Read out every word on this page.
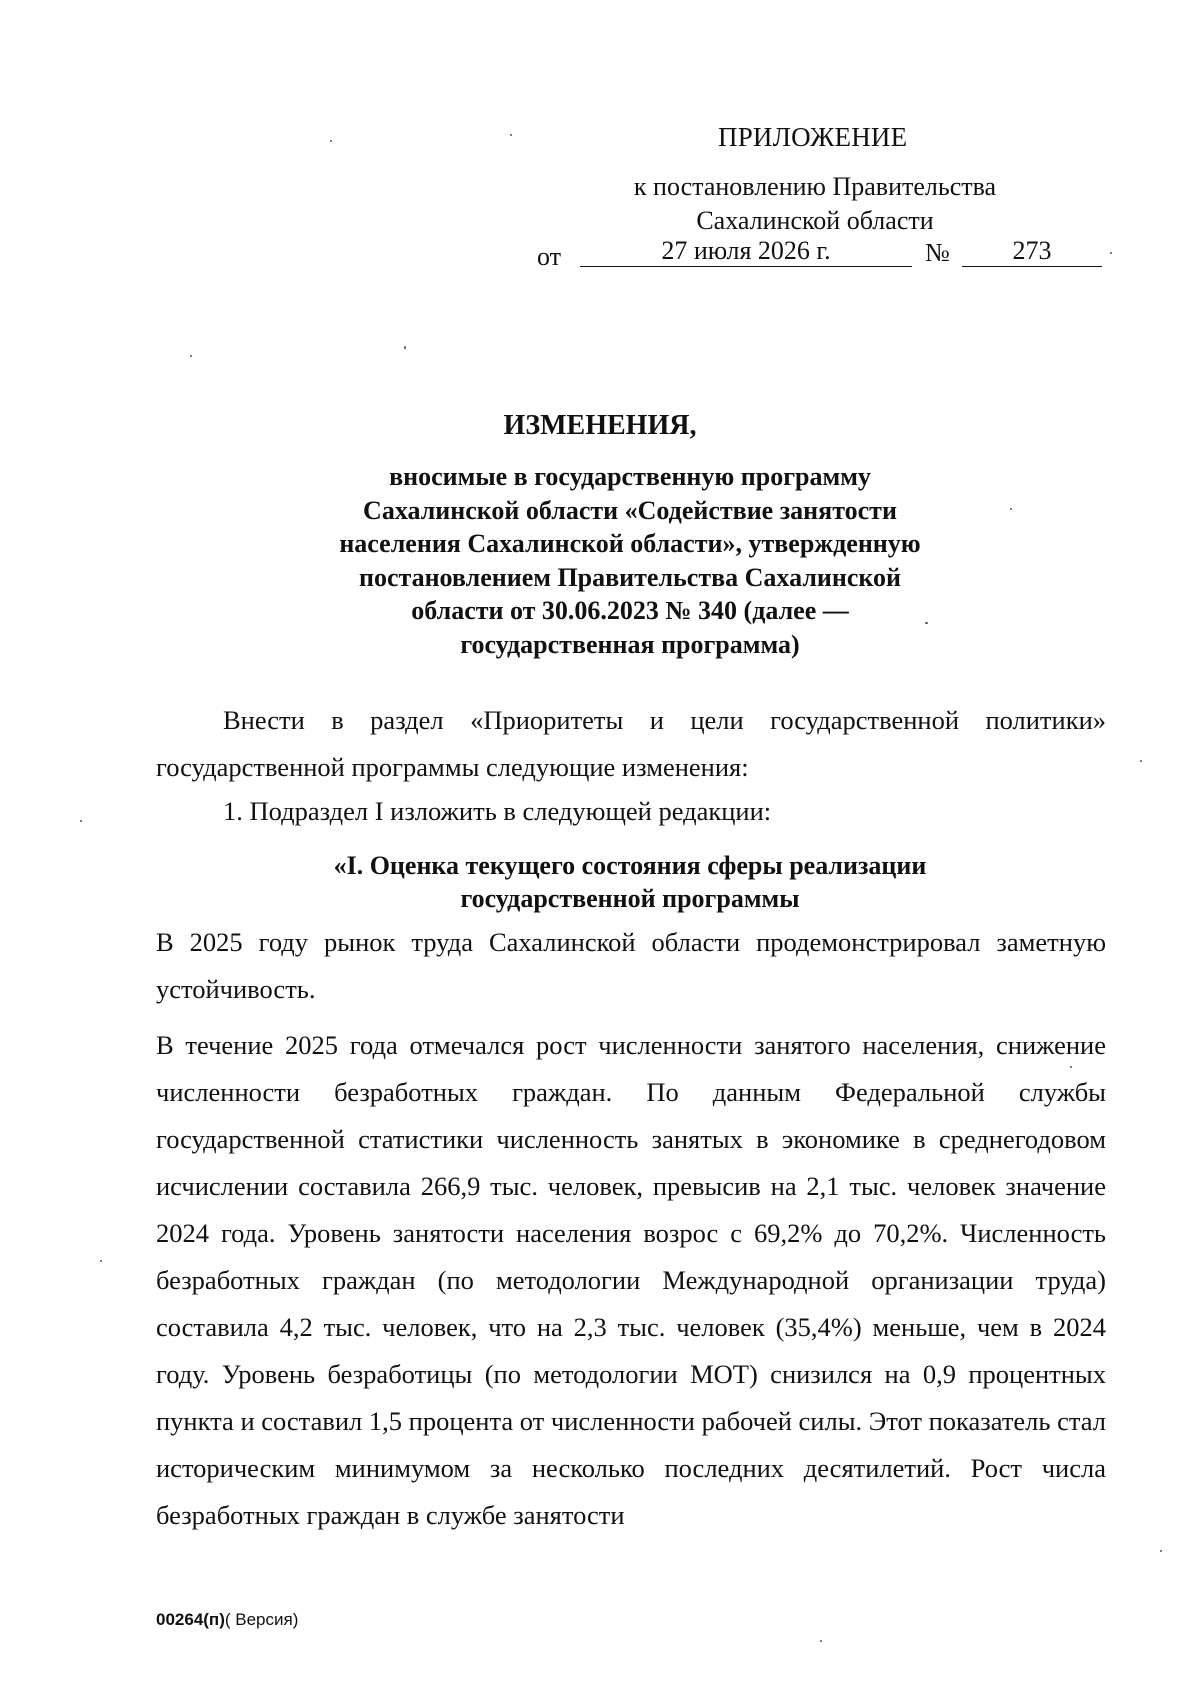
ПРИЛОЖЕНИЕ
к постановлению Правительства
Сахалинской области
от	27 июля 2026 г.	№	273
ИЗМЕНЕНИЯ,
вносимые в государственную программу
Сахалинской области «Содействие занятости
населения Сахалинской области», утвержденную
постановлением Правительства Сахалинской
области от 30.06.2023 № 340 (далее —
государственная программа)
Внести в раздел «Приоритеты и цели государственной политики» государственной программы следующие изменения:
1. Подраздел I изложить в следующей редакции:
«I. Оценка текущего состояния сферы реализации
государственной программы
В 2025 году рынок труда Сахалинской области продемонстрировал заметную устойчивость.
В течение 2025 года отмечался рост численности занятого населения, снижение численности безработных граждан. По данным Федеральной службы государственной статистики численность занятых в экономике в среднегодовом исчислении составила 266,9 тыс. человек, превысив на 2,1 тыс. человек значение 2024 года. Уровень занятости населения возрос с 69,2% до 70,2%. Численность безработных граждан (по методологии Международной организации труда) составила 4,2 тыс. человек, что на 2,3 тыс. человек (35,4%) меньше, чем в 2024 году. Уровень безработицы (по методологии МОТ) снизился на 0,9 процентных пункта и составил 1,5 процента от численности рабочей силы. Этот показатель стал историческим минимумом за несколько последних десятилетий. Рост числа безработных граждан в службе занятости
00264(п)( Версия)
